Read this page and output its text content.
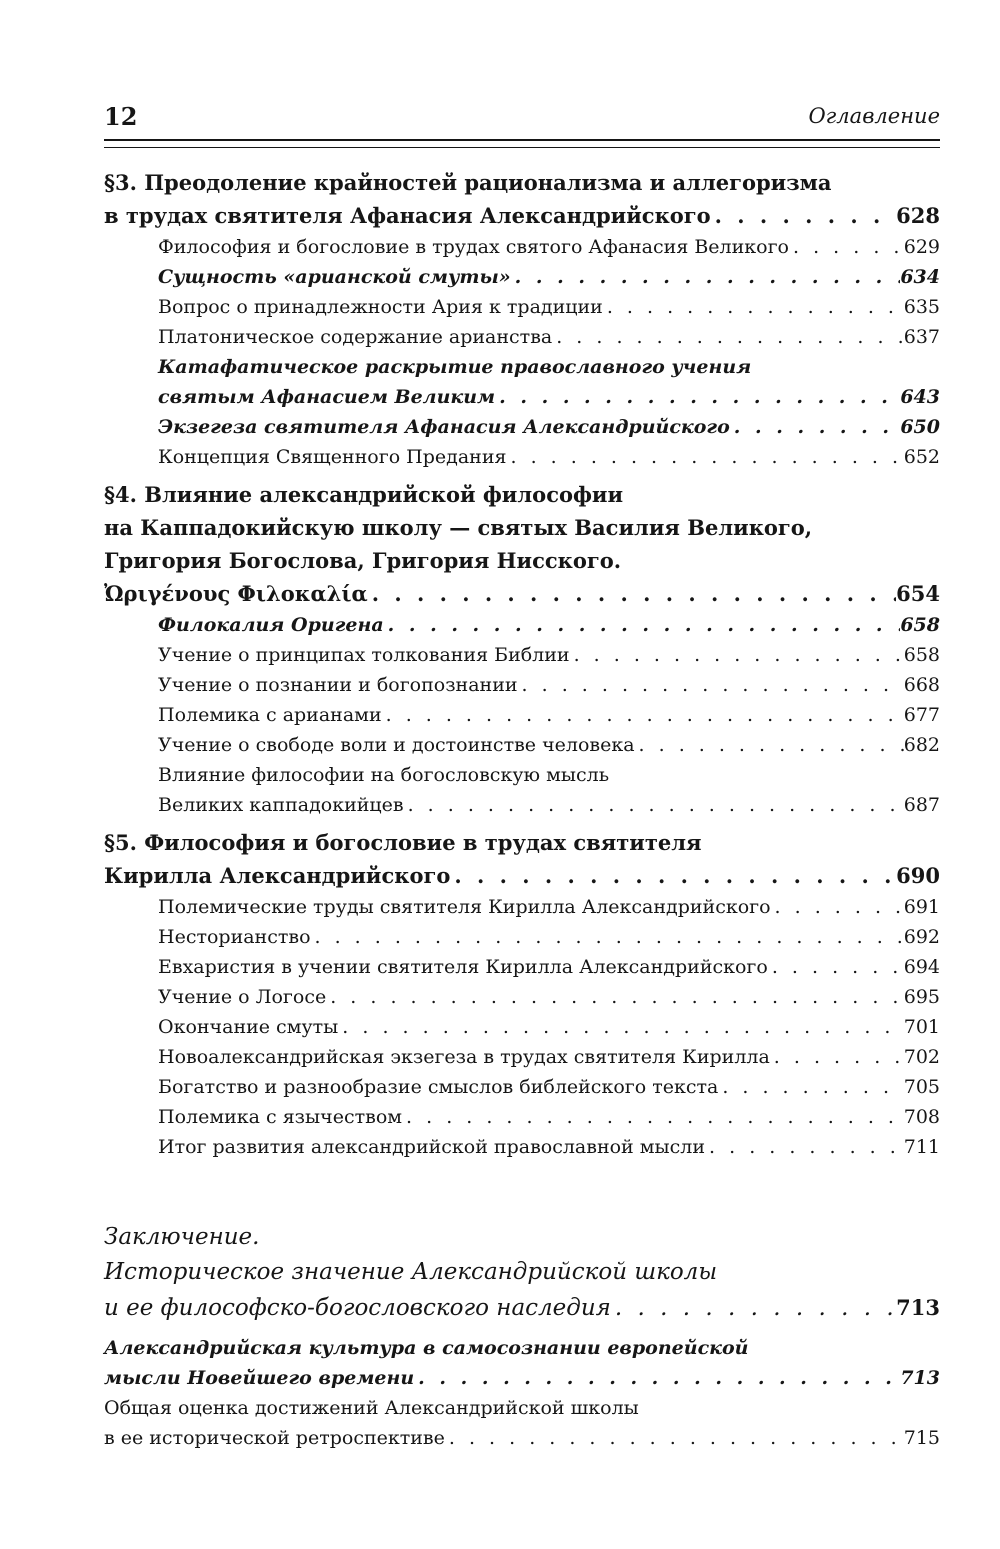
12	Оглавление
§3. Преодоление крайностей рационализма и аллегоризма
в трудах святителя Афанасия Александрийского . . .	628
Философия и богословие в трудах святого Афанасия Великого . . .	629
Сущность «арианской смуты» . . .	634
Вопрос о принадлежности Ария к традиции . . .	635
Платоническое содержание арианства . . .	637
Катафатическое раскрытие православного учения
святым Афанасием Великим . . .	643
Экзегеза святителя Афанасия Александрийского . . .	650
Концепция Священного Предания . . .	652
§4. Влияние александрийской философии
на Каппадокийскую школу — святых Василия Великого,
Григория Богослова, Григория Нисского.
Ὠριγένους Φιλοκαλία . . .	654
Филокалия Оригена . . .	658
Учение о принципах толкования Библии . . .	658
Учение о познании и богопознании . . .	668
Полемика с арианами . . .	677
Учение о свободе воли и достоинстве человека . . .	682
Влияние философии на богословскую мысль
Великих каппадокийцев . . .	687
§5. Философия и богословие в трудах святителя
Кирилла Александрийского . . .	690
Полемические труды святителя Кирилла Александрийского . . .	691
Несторианство . . .	692
Евхаристия в учении святителя Кирилла Александрийского . . .	694
Учение о Логосе . . .	695
Окончание смуты . . .	701
Новоалександрийская экзегеза в трудах святителя Кирилла . . .	702
Богатство и разнообразие смыслов библейского текста . . .	705
Полемика с язычеством . . .	708
Итог развития александрийской православной мысли . . .	711
Заключение.
Историческое значение Александрийской школы
и ее философско-богословского наследия . . .	713
Александрийская культура в самосознании европейской
мысли Новейшего времени . . .	713
Общая оценка достижений Александрийской школы
в ее исторической ретроспективе . . .	715
